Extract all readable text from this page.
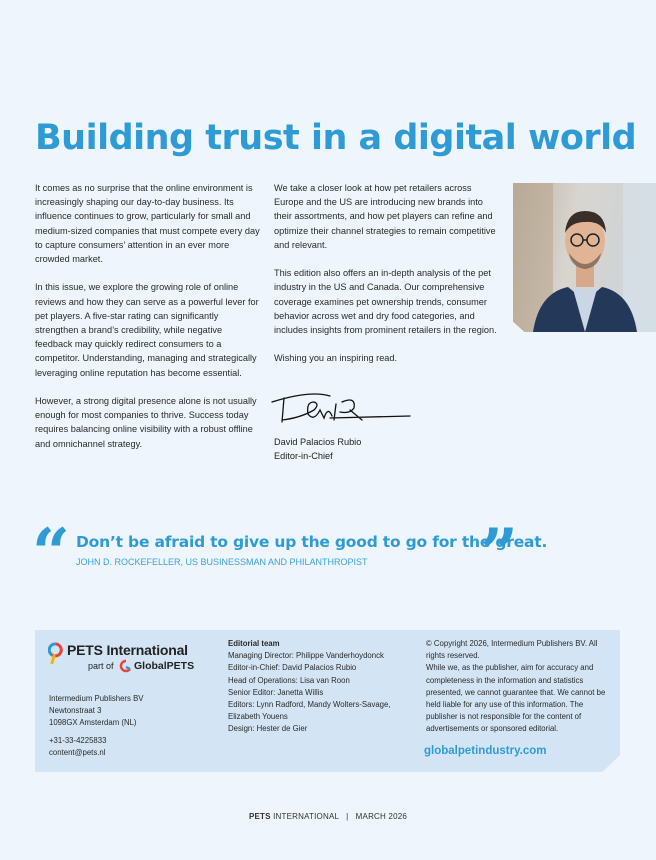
Building trust in a digital world

It comes as no surprise that the online environment is increasingly shaping our day-to-day business. Its influence continues to grow, particularly for small and medium-sized companies that must compete every day to capture consumers’ attention in an ever more crowded market.

In this issue, we explore the growing role of online reviews and how they can serve as a powerful lever for pet players. A five-star rating can significantly strengthen a brand’s credibility, while negative feedback may quickly redirect consumers to a competitor. Understanding, managing and strategically leveraging online reputation has become essential.

However, a strong digital presence alone is not usually enough for most companies to thrive. Success today requires balancing online visibility with a robust offline and omnichannel strategy.

We take a closer look at how pet retailers across Europe and the US are introducing new brands into their assortments, and how pet players can refine and optimize their channel strategies to remain competitive and relevant.

This edition also offers an in-depth analysis of the pet industry in the US and Canada. Our comprehensive coverage examines pet ownership trends, consumer behavior across wet and dry food categories, and includes insights from prominent retailers in the region.

Wishing you an inspiring read.

David Palacios Rubio
Editor-in-Chief
“ Don’t be afraid to give up the good to go for the great.
”
JOHN D. ROCKEFELLER, US BUSINESSMAN AND PHILANTHROPIST
PETS International
part of GlobalPETS
Intermedium Publishers BV
Newtonstraat 3
1098GX Amsterdam (NL)
+31-33-4225833
content@pets.nl
Editorial team
Managing Director: Philippe Vanderhoydonck
Editor-in-Chief: David Palacios Rubio
Head of Operations: Lisa van Roon
Senior Editor: Janetta Willis
Editors: Lynn Radford, Mandy Wolters-Savage, Elizabeth Youens
Design: Hester de Gier
© Copyright 2026, Intermedium Publishers BV. All rights reserved.
While we, as the publisher, aim for accuracy and completeness in the information and statistics presented, we cannot guarantee that. We cannot be held liable for any use of this information. The publisher is not responsible for the content of advertisements or sponsored editorial.
globalpetindustry.com
PETS INTERNATIONAL | MARCH 2026
